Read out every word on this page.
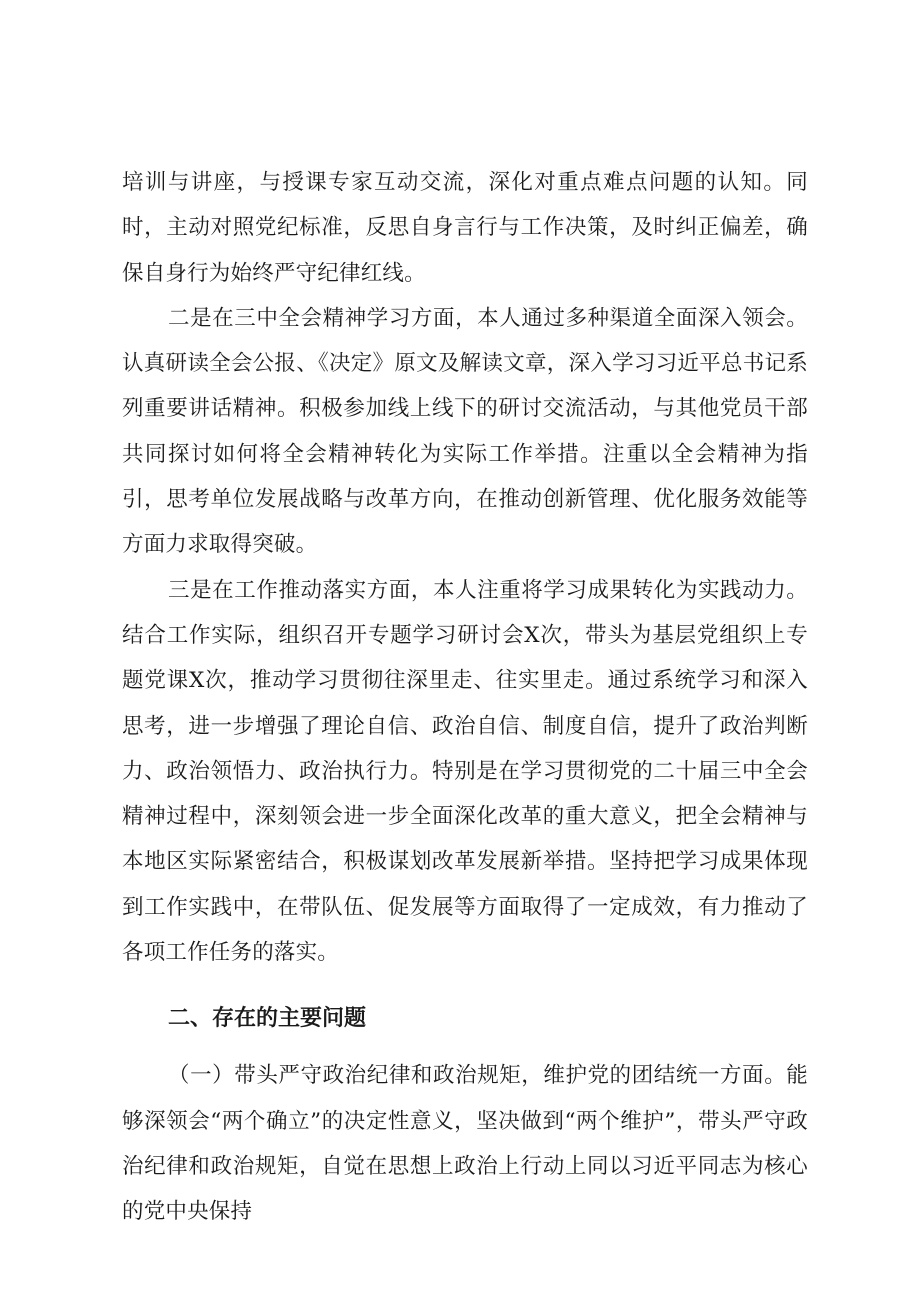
培训与讲座，与授课专家互动交流，深化对重点难点问题的认知。同时，主动对照党纪标准，反思自身言行与工作决策，及时纠正偏差，确保自身行为始终严守纪律红线。

二是在三中全会精神学习方面，本人通过多种渠道全面深入领会。认真研读全会公报、《决定》原文及解读文章，深入学习习近平总书记系列重要讲话精神。积极参加线上线下的研讨交流活动，与其他党员干部共同探讨如何将全会精神转化为实际工作举措。注重以全会精神为指引，思考单位发展战略与改革方向，在推动创新管理、优化服务效能等方面力求取得突破。

三是在工作推动落实方面，本人注重将学习成果转化为实践动力。结合工作实际，组织召开专题学习研讨会X次，带头为基层党组织上专题党课X次，推动学习贯彻往深里走、往实里走。通过系统学习和深入思考，进一步增强了理论自信、政治自信、制度自信，提升了政治判断力、政治领悟力、政治执行力。特别是在学习贯彻党的二十届三中全会精神过程中，深刻领会进一步全面深化改革的重大意义，把全会精神与本地区实际紧密结合，积极谋划改革发展新举措。坚持把学习成果体现到工作实践中，在带队伍、促发展等方面取得了一定成效，有力推动了各项工作任务的落实。

二、存在的主要问题

（一）带头严守政治纪律和政治规矩，维护党的团结统一方面。能够深领会“两个确立”的决定性意义，坚决做到“两个维护”，带头严守政治纪律和政治规矩，自觉在思想上政治上行动上同以习近平同志为核心的党中央保持
